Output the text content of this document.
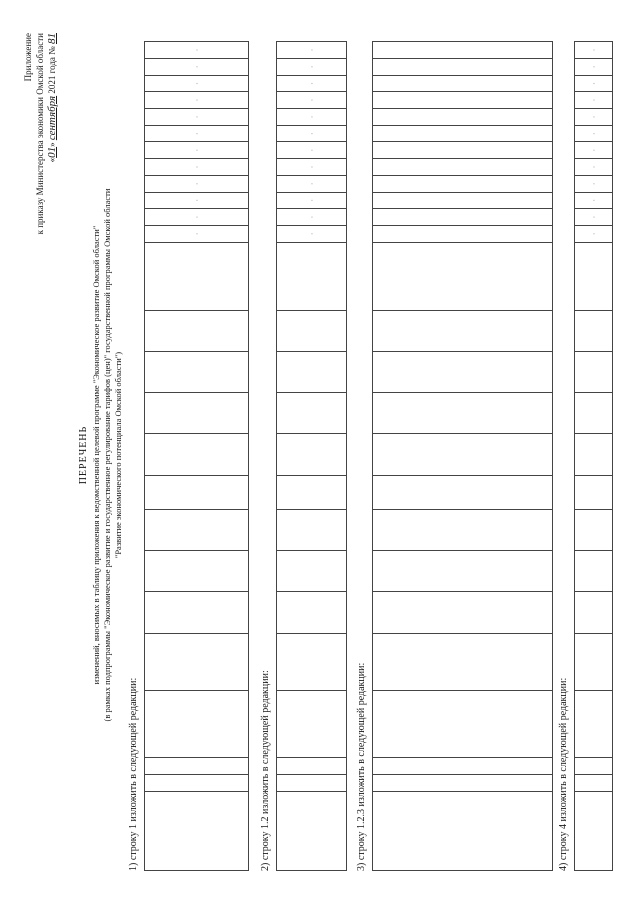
Приложение к приказу Министерства экономики Омской области «01» сентября 2021 года № 81
ПЕРЕЧЕНЬ изменений, вносимых в таблицу приложения к ведомственной целевой программе "Экономическое развитие Омской области" (в рамках подпрограммы "Экономическое развитие и государственное регулирование тарифов (цен)" государственной программы Омской области "Развитие экономического потенциала Омской области")
1) строку 1 изложить в следующей редакции:
														×	×	×	×	×	×	×	×	×	×	×	×
2) строку 1.2 изложить в следующей редакции:
														×	×	×	×	×	×	×	×	×	×	×	×
3) строку 1.2.3 изложить в следующей редакции:
																										4) строку 4 изложить в следующей редакции:
														×	×	×	×	×	×	×	×	×	×	×	×
